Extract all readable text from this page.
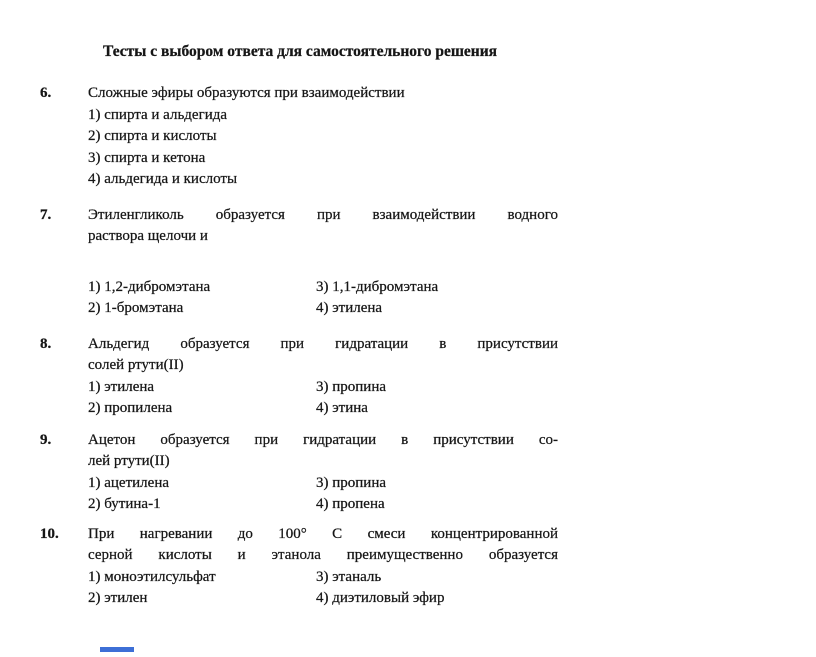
Тесты с выбором ответа для самостоятельного решения
6.	Сложные эфиры образуются при взаимодействии
1) спирта и альдегида
2) спирта и кислоты
3) спирта и кетона
4) альдегида и кислоты
7.	Этиленгликоль образуется при взаимодействии водного
раствора щелочи и
1) 1,2-дибромэтана
2) 1-бромэтана
3) 1,1-дибромэтана
4) этилена
8.	Альдегид образуется при гидратации в присутствии
солей ртути(II)
1) этилена
2) пропилена
3) пропина
4) этина
9.	Ацетон образуется при гидратации в присутствии со-
лей ртути(II)
1) ацетилена
2) бутина-1
3) пропина
4) пропена
10.	При нагревании до 100° С смеси концентрированной
серной кислоты и этанола преимущественно образуется
1) моноэтилсульфат
2) этилен
3) этаналь
4) диэтиловый эфир
